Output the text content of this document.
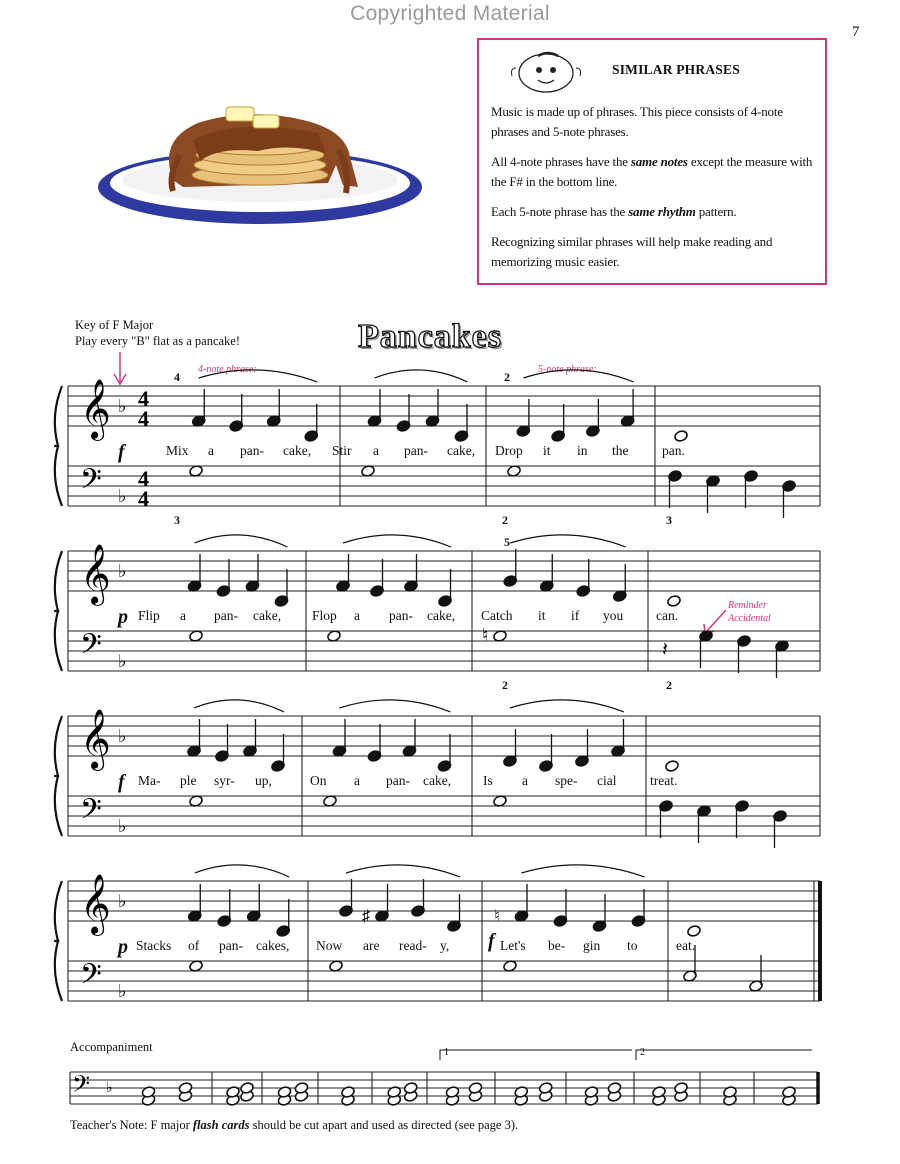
Copyrighted Material
7
SIMILAR PHRASES
Music is made up of phrases. This piece consists of 4-note phrases and 5-note phrases.
All 4-note phrases have the same notes except the measure with the F# in the bottom line.
Each 5-note phrase has the same rhythm pattern.
Recognizing similar phrases will help make reading and memorizing music easier.
Key of F Major
Play every "B" flat as a pancake!	Pancakes
4-note phrase:	5-note phrase:
Reminder
Accidental
𝄞
𝄢
♭
♭
4
4
4
4
𝄞
𝄢
♭
♭	𝄽
♮
𝄞
𝄢
♭
♭
𝄞
𝄢
♭
♭
♯	♮
𝄢 ♭
Mix a pan- cake, Stir a pan- cake, Drop it in the pan.
f
4	2
3	2	3
Flip a pan- cake, Flop a pan- cake, Catch it if you can.
p
5
2	2
Ma- ple syr- up,	On a pan- cake, Is a spe- cial treat.
f
Stacks of pan- cakes, Now are read- y,	Let's be- gin to	eat.
p	f
Accompaniment	1	2
Teacher's Note: F major flash cards should be cut apart and used as directed (see page 3).
